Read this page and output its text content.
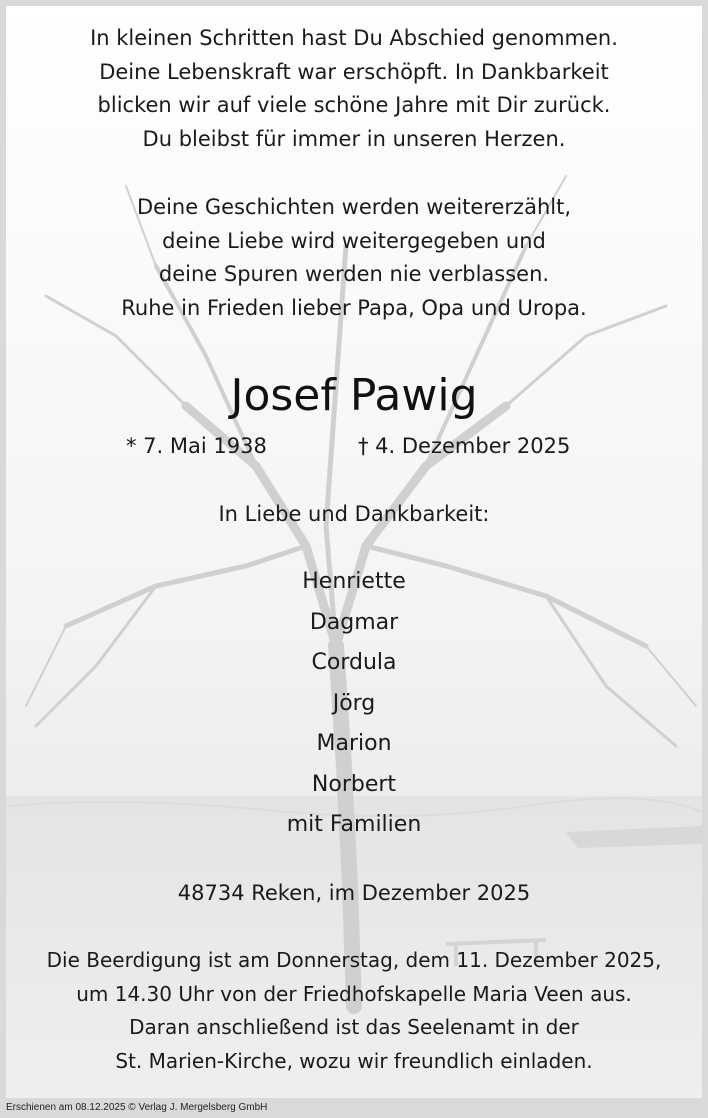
In kleinen Schritten hast Du Abschied genommen.
Deine Lebenskraft war erschöpft. In Dankbarkeit
blicken wir auf viele schöne Jahre mit Dir zurück.
Du bleibst für immer in unseren Herzen.
Deine Geschichten werden weitererzählt,
deine Liebe wird weitergegeben und
deine Spuren werden nie verblassen.
Ruhe in Frieden lieber Papa, Opa und Uropa.
Josef Pawig
* 7. Mai 1938	† 4. Dezember 2025
In Liebe und Dankbarkeit:
Henriette
Dagmar
Cordula
Jörg
Marion
Norbert
mit Familien
48734 Reken, im Dezember 2025
Die Beerdigung ist am Donnerstag, dem 11. Dezember 2025,
um 14.30 Uhr von der Friedhofskapelle Maria Veen aus.
Daran anschließend ist das Seelenamt in der
St. Marien-Kirche, wozu wir freundlich einladen.
Erschienen am 08.12.2025 © Verlag J. Mergelsberg GmbH
